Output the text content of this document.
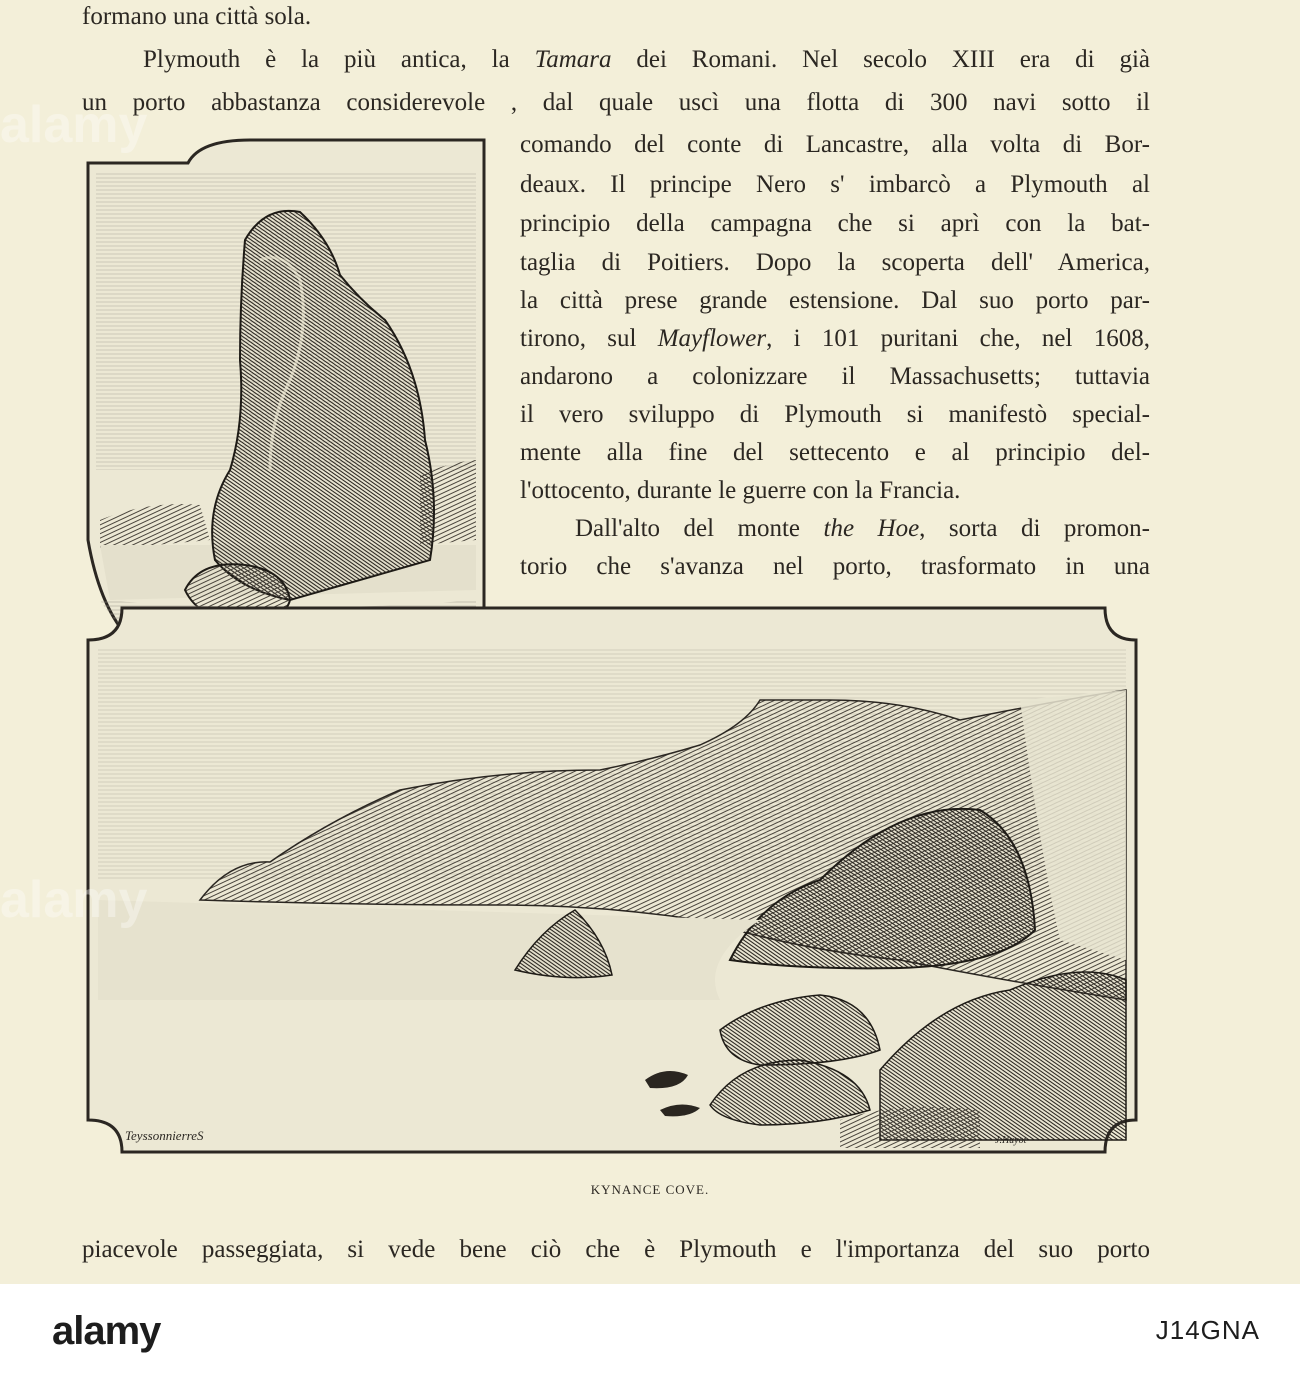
TeyssonnierreS	J.Huyot
formano una città sola.
Plymouth è la più antica, la Tamara dei Romani. Nel secolo XIII era di già
un porto abbastanza considerevole , dal quale uscì una flotta di 300 navi sotto il
comando del conte di Lancastre, alla volta di Bor-
deaux. Il principe Nero s' imbarcò a Plymouth al
principio della campagna che si aprì con la bat-
taglia di Poitiers. Dopo la scoperta dell' America,
la città prese grande estensione. Dal suo porto par-
tirono, sul Mayflower, i 101 puritani che, nel 1608,
andarono a colonizzare il Massachusetts; tuttavia
il vero sviluppo di Plymouth si manifestò special-
mente alla fine del settecento e al principio del-
l'ottocento, durante le guerre con la Francia.
Dall'alto del monte the Hoe, sorta di promon-
torio che s'avanza nel porto, trasformato in una
KYNANCE COVE.
piacevole passeggiata, si vede bene ciò che è Plymouth e l'importanza del suo porto
alamy
alamy
alamy	J14GNA
